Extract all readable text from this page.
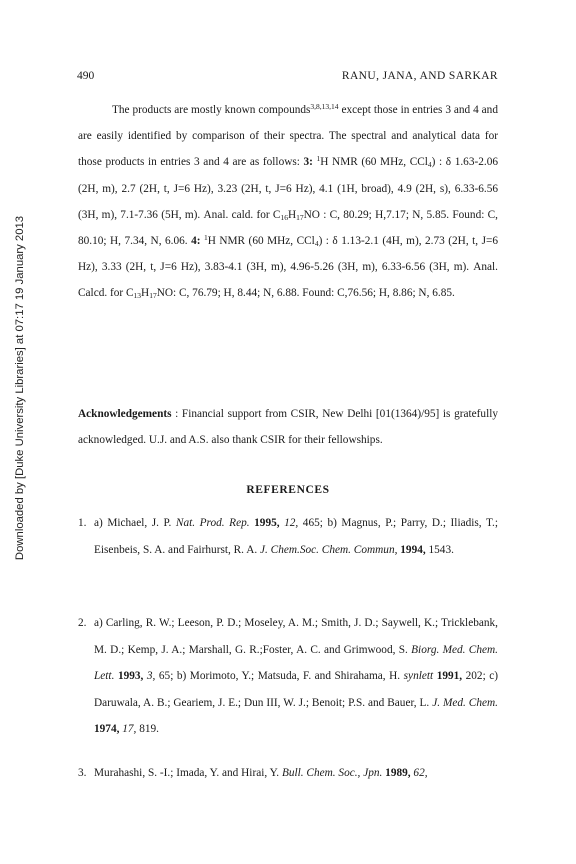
Downloaded by [Duke University Libraries] at 07:17 19 January 2013
490	RANU, JANA, AND SARKAR
The products are mostly known compounds$^{3,8,13,14}$ except those in entries 3 and 4 and are easily identified by comparison of their spectra. The spectral and analytical data for those products in entries 3 and 4 are as follows: 3: $^1$H NMR (60 MHz, CCl$_4$) : δ 1.63-2.06 (2H, m), 2.7 (2H, t, J=6 Hz), 3.23 (2H, t, J=6 Hz), 4.1 (1H, broad), 4.9 (2H, s), 6.33-6.56 (3H, m), 7.1-7.36 (5H, m). Anal. cald. for $C_{16}H_{17}NO$ : C, 80.29; H,7.17; N, 5.85. Found: C, 80.10; H, 7.34, N, 6.06. 4: $^1$H NMR (60 MHz, CCl$_4$) : δ 1.13-2.1 (4H, m), 2.73 (2H, t, J=6 Hz), 3.33 (2H, t, J=6 Hz), 3.83-4.1 (3H, m), 4.96-5.26 (3H, m), 6.33-6.56 (3H, m). Anal. Calcd. for $C_{13}H_{17}NO$: C, 76.79; H, 8.44; N, 6.88. Found: C,76.56; H, 8.86; N, 6.85.
Acknowledgements : Financial support from CSIR, New Delhi [01(1364)/95] is gratefully acknowledged. U.J. and A.S. also thank CSIR for their fellowships.
REFERENCES
1. a) Michael, J. P. Nat. Prod. Rep. 1995, 12, 465; b) Magnus, P.; Parry, D.; Iliadis, T.; Eisenbeis, S. A. and Fairhurst, R. A. J. Chem.Soc. Chem. Commun, 1994, 1543.
2. a) Carling, R. W.; Leeson, P. D.; Moseley, A. M.; Smith, J. D.; Saywell, K.; Tricklebank, M. D.; Kemp, J. A.; Marshall, G. R.;Foster, A. C. and Grimwood, S. Biorg. Med. Chem. Lett. 1993, 3, 65; b) Morimoto, Y.; Matsuda, F. and Shirahama, H. synlett 1991, 202; c) Daruwala, A. B.; Geariem, J. E.; Dun III, W. J.; Benoit; P.S. and Bauer, L. J. Med. Chem. 1974, 17, 819.
3. Murahashi, S. -I.; Imada, Y. and Hirai, Y. Bull. Chem. Soc., Jpn. 1989, 62,
